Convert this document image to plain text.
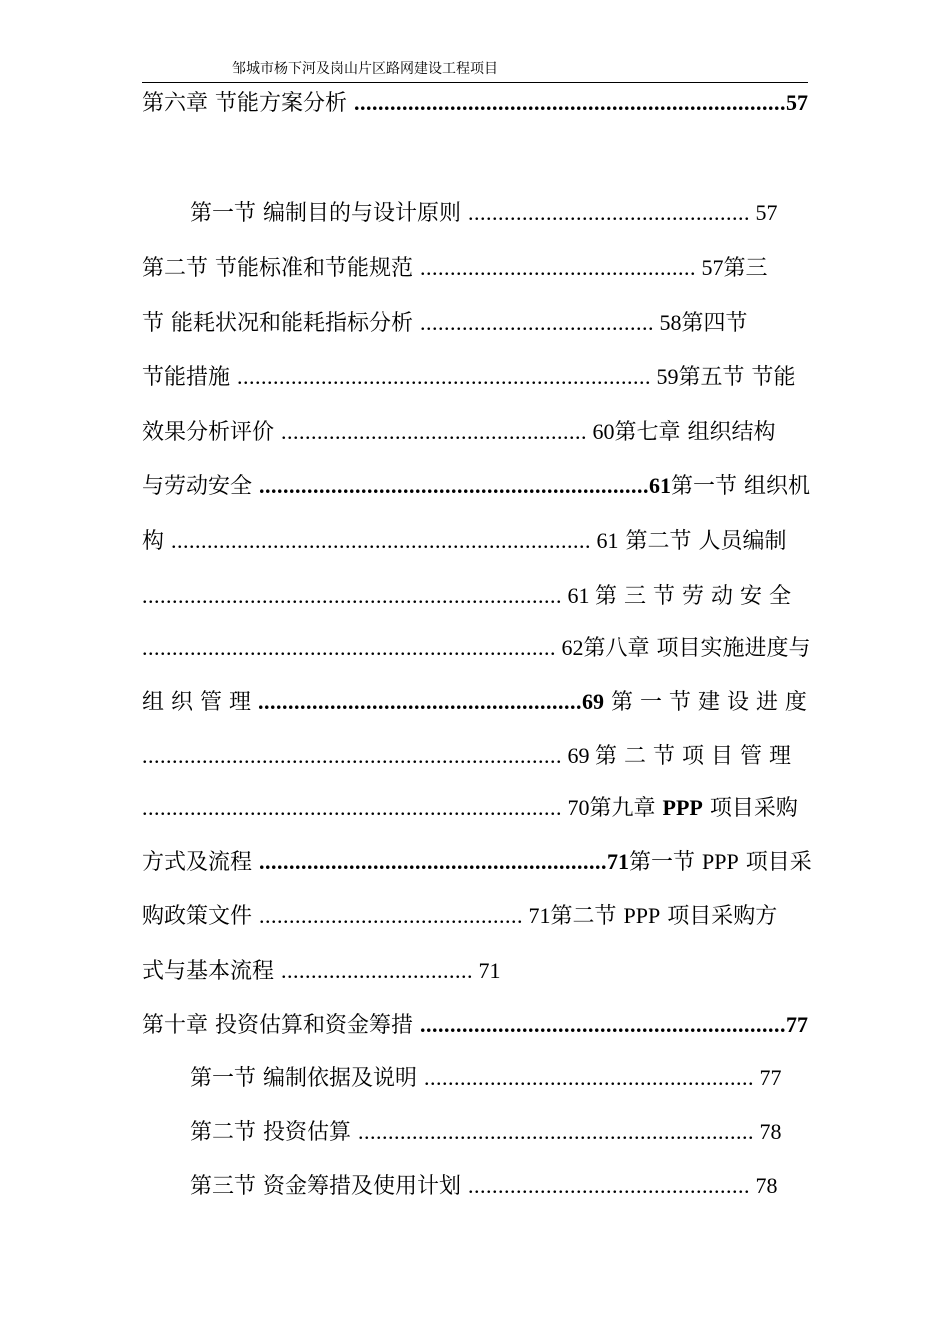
邹城市杨下河及岗山片区路网建设工程项目
第六章 节能方案分析 ........................................................................57
第一节 编制目的与设计原则 ............................................... 57
第二节 节能标准和节能规范 .............................................. 57第三
节 能耗状况和能耗指标分析 ....................................... 58第四节
节能措施 ..................................................................... 59第五节 节能
效果分析评价 ................................................... 60第七章 组织结构
与劳动安全 .................................................................61第一节 组织机
构 ...................................................................... 61 第二节 人员编制
...................................................................... 61 第 三 节 劳 动 安 全
..................................................................... 62第八章 项目实施进度与
组 织 管 理 ......................................................69 第 一 节 建 设 进 度
...................................................................... 69 第 二 节 项 目 管 理
...................................................................... 70第九章 PPP 项目采购
方式及流程 ..........................................................71第一节 PPP 项目采
购政策文件 ............................................ 71第二节 PPP 项目采购方
式与基本流程 ................................ 71
第十章 投资估算和资金筹措 .............................................................77
第一节 编制依据及说明 ....................................................... 77
第二节 投资估算 .................................................................. 78
第三节 资金筹措及使用计划 ............................................... 78
